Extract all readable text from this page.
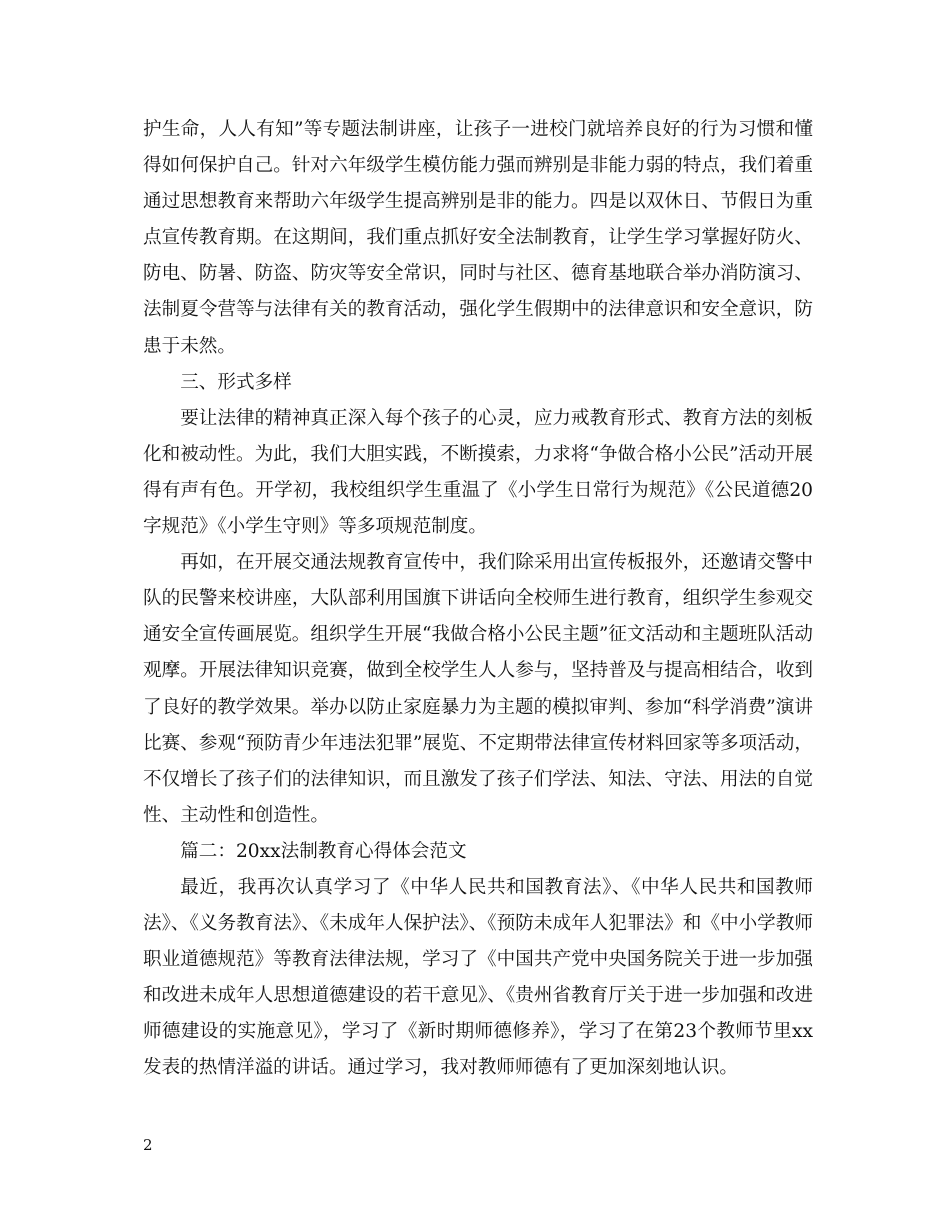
护生命，人人有知”等专题法制讲座，让孩子一进校门就培养良好的行为习惯和懂得如何保护自己。针对六年级学生模仿能力强而辨别是非能力弱的特点，我们着重通过思想教育来帮助六年级学生提高辨别是非的能力。四是以双休日、节假日为重点宣传教育期。在这期间，我们重点抓好安全法制教育，让学生学习掌握好防火、防电、防暑、防盗、防灾等安全常识，同时与社区、德育基地联合举办消防演习、法制夏令营等与法律有关的教育活动，强化学生假期中的法律意识和安全意识，防患于未然。

三、形式多样

要让法律的精神真正深入每个孩子的心灵，应力戒教育形式、教育方法的刻板化和被动性。为此，我们大胆实践，不断摸索，力求将“争做合格小公民”活动开展得有声有色。开学初，我校组织学生重温了《小学生日常行为规范》《公民道德20字规范》《小学生守则》等多项规范制度。

再如，在开展交通法规教育宣传中，我们除采用出宣传板报外，还邀请交警中队的民警来校讲座，大队部利用国旗下讲话向全校师生进行教育，组织学生参观交通安全宣传画展览。组织学生开展“我做合格小公民主题”征文活动和主题班队活动观摩。开展法律知识竞赛，做到全校学生人人参与，坚持普及与提高相结合，收到了良好的教学效果。举办以防止家庭暴力为主题的模拟审判、参加“科学消费”演讲比赛、参观“预防青少年违法犯罪”展览、不定期带法律宣传材料回家等多项活动，不仅增长了孩子们的法律知识，而且激发了孩子们学法、知法、守法、用法的自觉性、主动性和创造性。

篇二：20xx法制教育心得体会范文

最近，我再次认真学习了《中华人民共和国教育法》、《中华人民共和国教师法》、《义务教育法》、《未成年人保护法》、《预防未成年人犯罪法》和《中小学教师职业道德规范》等教育法律法规，学习了《中国共产党中央国务院关于进一步加强和改进未成年人思想道德建设的若干意见》、《贵州省教育厅关于进一步加强和改进师德建设的实施意见》，学习了《新时期师德修养》，学习了在第23个教师节里xx发表的热情洋溢的讲话。通过学习，我对教师师德有了更加深刻地认识。

2
